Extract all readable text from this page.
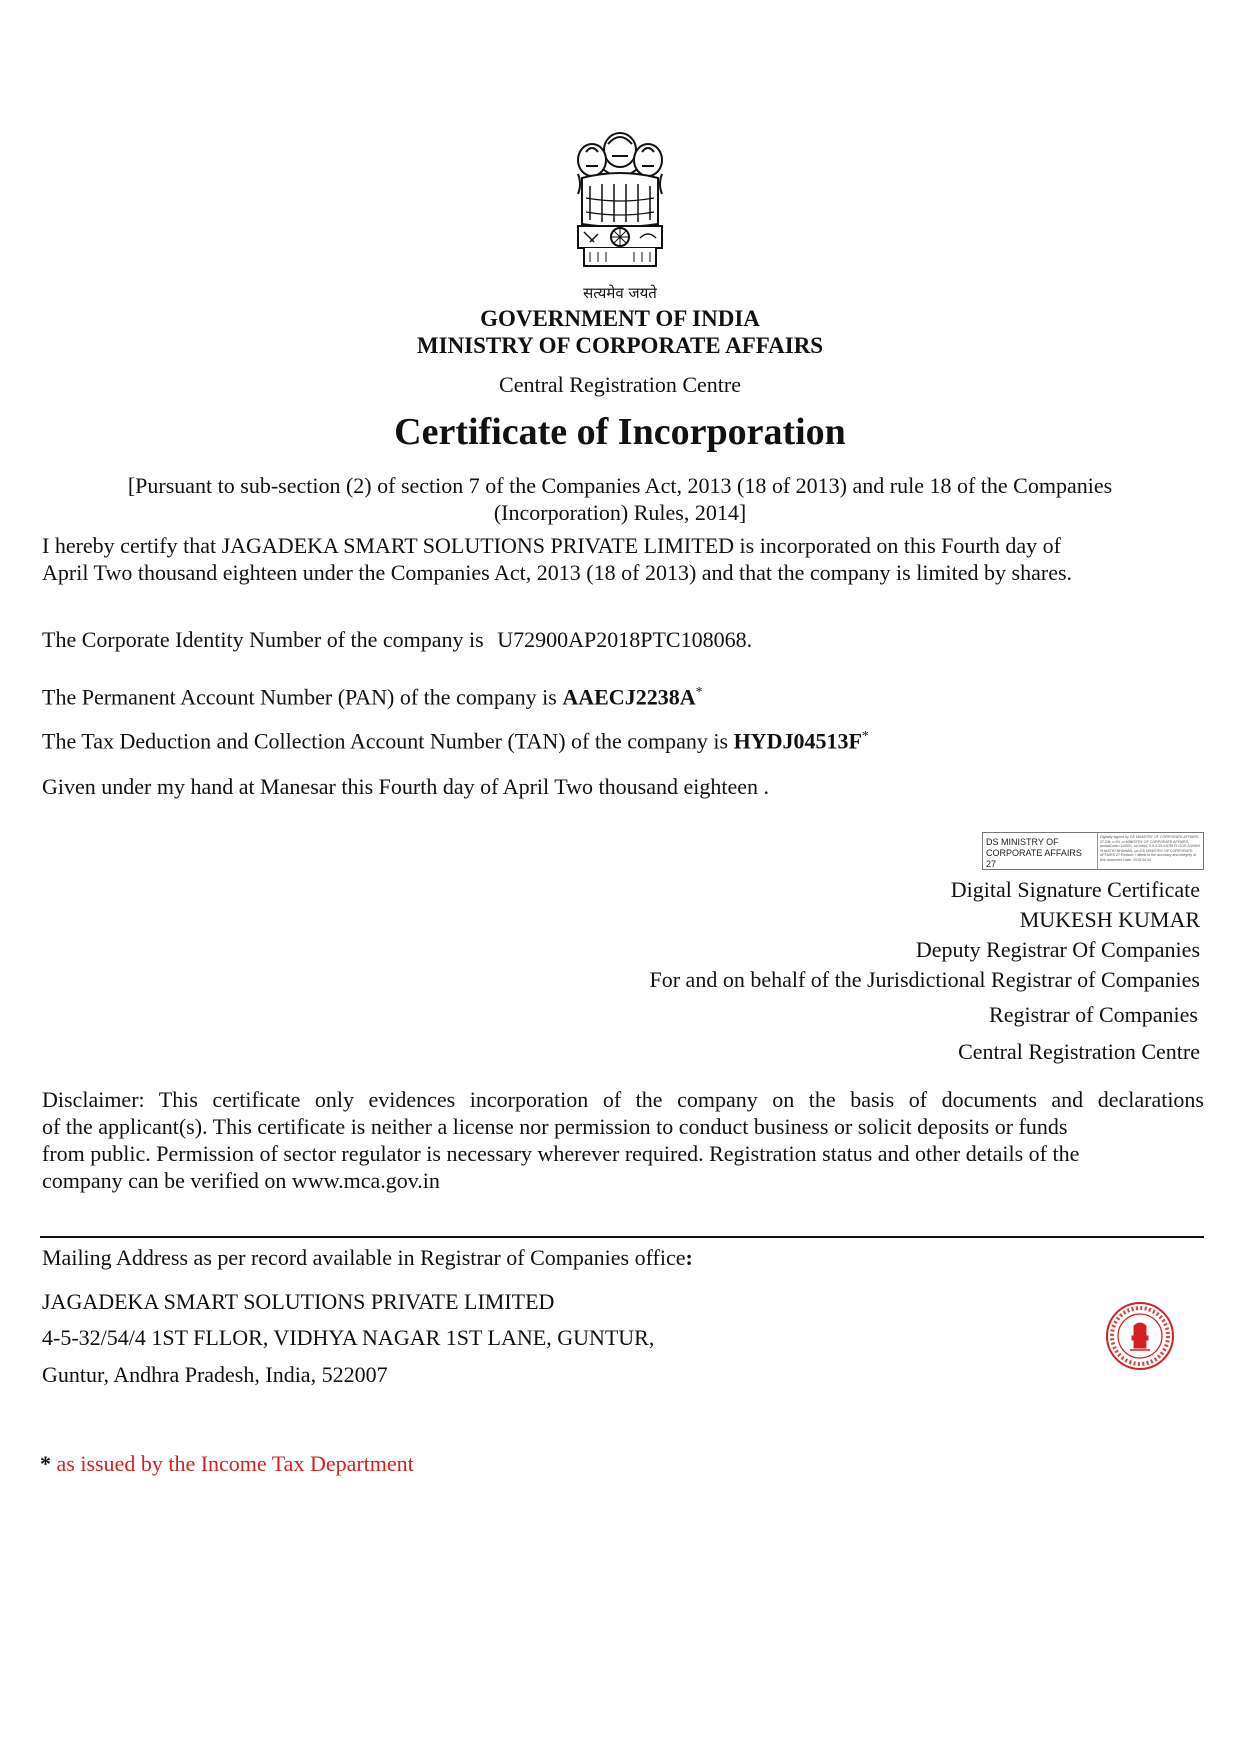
सत्यमेव जयते
GOVERNMENT OF INDIA
MINISTRY OF CORPORATE AFFAIRS
Central Registration Centre
Certificate of Incorporation
[Pursuant to sub-section (2) of section 7 of the Companies Act, 2013 (18 of 2013) and rule 18 of the Companies
(Incorporation) Rules, 2014]
I hereby certify that JAGADEKA SMART SOLUTIONS PRIVATE LIMITED is incorporated on this Fourth day of
April Two thousand eighteen under the Companies Act, 2013 (18 of 2013) and that the company is limited by shares.
The Corporate Identity Number of the company is U72900AP2018PTC108068.
The Permanent Account Number (PAN) of the company is AAECJ2238A*
The Tax Deduction and Collection Account Number (TAN) of the company is HYDJ04513F*
Given under my hand at Manesar this Fourth day of April Two thousand eighteen .
DS MINISTRY OF CORPORATE AFFAIRS 27
Digitally signed by DS MINISTRY OF CORPORATE AFFAIRS 27 DN: c=IN, o=MINISTRY OF CORPORATE AFFAIRS, postalCode=110001, st=Delhi, 2.5.4.20=f1f7f5 FLOOR A WING SHASTRI BHAWAN, cn=DS MINISTRY OF CORPORATE AFFAIRS 27 Reason: I attest to the accuracy and integrity of this document Date: 2018.04.04
Digital Signature Certificate
MUKESH KUMAR
Deputy Registrar Of Companies
For and on behalf of the Jurisdictional Registrar of Companies
Registrar of Companies
Central Registration Centre
Disclaimer: This certificate only evidences incorporation of the company on the basis of documents and declarations
of the applicant(s). This certificate is neither a license nor permission to conduct business or solicit deposits or funds
from public. Permission of sector regulator is necessary wherever required. Registration status and other details of the
company can be verified on www.mca.gov.in
Mailing Address as per record available in Registrar of Companies office:
JAGADEKA SMART SOLUTIONS PRIVATE LIMITED
4-5-32/54/4 1ST FLLOR, VIDHYA NAGAR 1ST LANE, GUNTUR,
Guntur, Andhra Pradesh, India, 522007
* as issued by the Income Tax Department
